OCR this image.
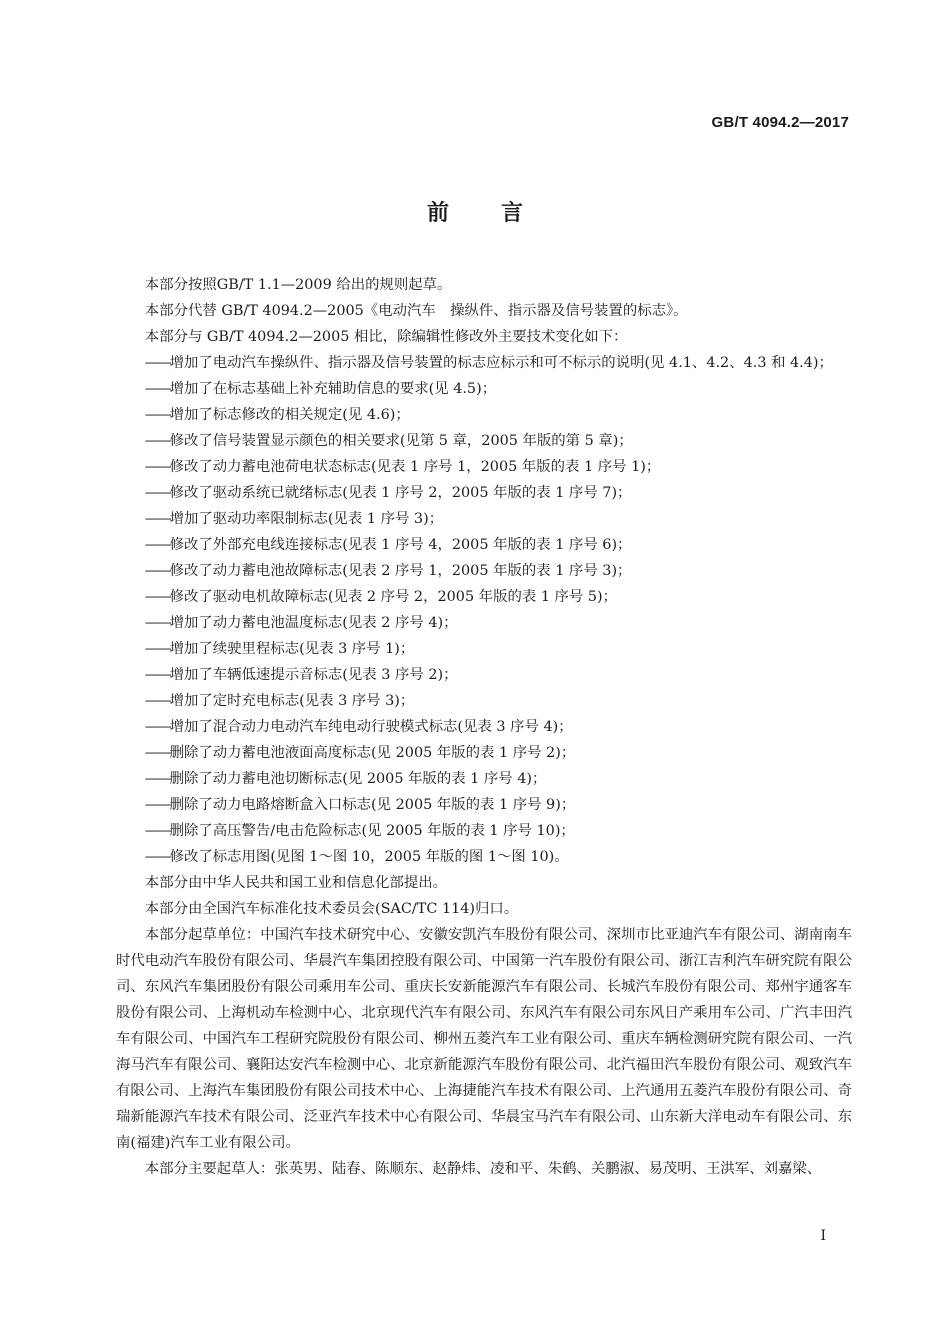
GB/T 4094.2—2017
前 言

本部分按照GB/T 1.1—2009 给出的规则起草。

本部分代替 GB/T 4094.2—2005《电动汽车　操纵件、指示器及信号装置的标志》。

本部分与 GB/T 4094.2—2005 相比，除编辑性修改外主要技术变化如下：

——增加了电动汽车操纵件、指示器及信号装置的标志应标示和可不标示的说明(见 4.1、4.2、4.3 和 4.4)；

——增加了在标志基础上补充辅助信息的要求(见 4.5)；

——增加了标志修改的相关规定(见 4.6)；

——修改了信号装置显示颜色的相关要求(见第 5 章，2005 年版的第 5 章)；

——修改了动力蓄电池荷电状态标志(见表 1 序号 1，2005 年版的表 1 序号 1)；

——修改了驱动系统已就绪标志(见表 1 序号 2，2005 年版的表 1 序号 7)；

——增加了驱动功率限制标志(见表 1 序号 3)；

——修改了外部充电线连接标志(见表 1 序号 4，2005 年版的表 1 序号 6)；

——修改了动力蓄电池故障标志(见表 2 序号 1，2005 年版的表 1 序号 3)；

——修改了驱动电机故障标志(见表 2 序号 2，2005 年版的表 1 序号 5)；

——增加了动力蓄电池温度标志(见表 2 序号 4)；

——增加了续驶里程标志(见表 3 序号 1)；

——增加了车辆低速提示音标志(见表 3 序号 2)；

——增加了定时充电标志(见表 3 序号 3)；

——增加了混合动力电动汽车纯电动行驶模式标志(见表 3 序号 4)；

——删除了动力蓄电池液面高度标志(见 2005 年版的表 1 序号 2)；

——删除了动力蓄电池切断标志(见 2005 年版的表 1 序号 4)；

——删除了动力电路熔断盒入口标志(见 2005 年版的表 1 序号 9)；

——删除了高压警告/电击危险标志(见 2005 年版的表 1 序号 10)；

——修改了标志用图(见图 1～图 10，2005 年版的图 1～图 10)。

本部分由中华人民共和国工业和信息化部提出。

本部分由全国汽车标准化技术委员会(SAC/TC 114)归口。

本部分起草单位：中国汽车技术研究中心、安徽安凯汽车股份有限公司、深圳市比亚迪汽车有限公司、湖南南车时代电动汽车股份有限公司、华晨汽车集团控股有限公司、中国第一汽车股份有限公司、浙江吉利汽车研究院有限公司、东风汽车集团股份有限公司乘用车公司、重庆长安新能源汽车有限公司、长城汽车股份有限公司、郑州宇通客车股份有限公司、上海机动车检测中心、北京现代汽车有限公司、东风汽车有限公司东风日产乘用车公司、广汽丰田汽车有限公司、中国汽车工程研究院股份有限公司、柳州五菱汽车工业有限公司、重庆车辆检测研究院有限公司、一汽海马汽车有限公司、襄阳达安汽车检测中心、北京新能源汽车股份有限公司、北汽福田汽车股份有限公司、观致汽车有限公司、上海汽车集团股份有限公司技术中心、上海捷能汽车技术有限公司、上汽通用五菱汽车股份有限公司、奇瑞新能源汽车技术有限公司、泛亚汽车技术中心有限公司、华晨宝马汽车有限公司、山东新大洋电动车有限公司、东南(福建)汽车工业有限公司。

本部分主要起草人：张英男、陆春、陈顺东、赵静炜、凌和平、朱鹤、关鹏淑、易茂明、王洪军、刘嘉梁、

I
